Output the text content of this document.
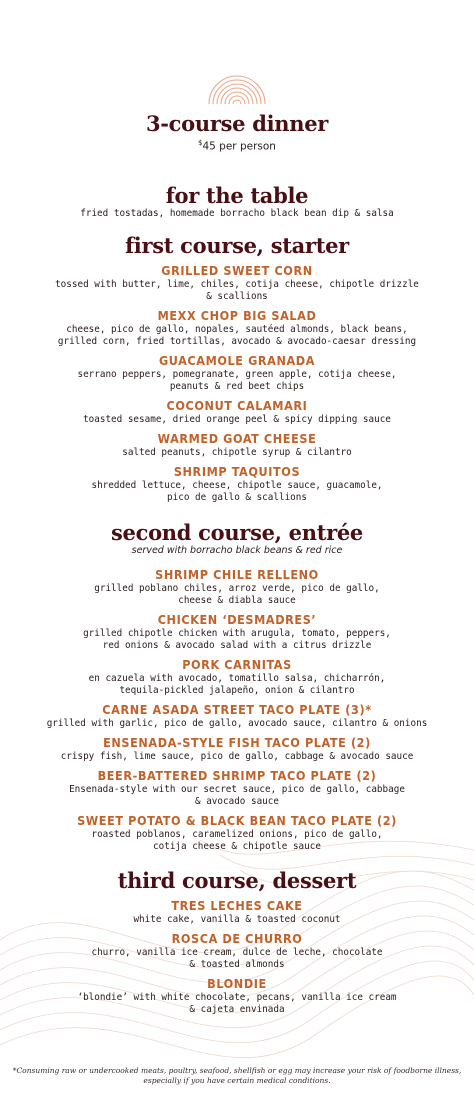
3-course dinner
$45 per person
for the table
fried tostadas, homemade borracho black bean dip & salsa
first course, starter
GRILLED SWEET CORN
tossed with butter, lime, chiles, cotija cheese, chipotle drizzle
& scallions
MEXX CHOP BIG SALAD
cheese, pico de gallo, nopales, sautéed almonds, black beans,
grilled corn, fried tortillas, avocado & avocado-caesar dressing
GUACAMOLE GRANADA
serrano peppers, pomegranate, green apple, cotija cheese,
peanuts & red beet chips
COCONUT CALAMARI
toasted sesame, dried orange peel & spicy dipping sauce
WARMED GOAT CHEESE
salted peanuts, chipotle syrup & cilantro
SHRIMP TAQUITOS
shredded lettuce, cheese, chipotle sauce, guacamole,
pico de gallo & scallions
second course, entrée
served with borracho black beans & red rice
SHRIMP CHILE RELLENO
grilled poblano chiles, arroz verde, pico de gallo,
cheese & diabla sauce
CHICKEN ‘DESMADRES’
grilled chipotle chicken with arugula, tomato, peppers,
red onions & avocado salad with a citrus drizzle
PORK CARNITAS
en cazuela with avocado, tomatillo salsa, chicharrón,
tequila-pickled jalapeño, onion & cilantro
CARNE ASADA STREET TACO PLATE (3)*
grilled with garlic, pico de gallo, avocado sauce, cilantro & onions
ENSENADA-STYLE FISH TACO PLATE (2)
crispy fish, lime sauce, pico de gallo, cabbage & avocado sauce
BEER-BATTERED SHRIMP TACO PLATE (2)
Ensenada-style with our secret sauce, pico de gallo, cabbage
& avocado sauce
SWEET POTATO & BLACK BEAN TACO PLATE (2)
roasted poblanos, caramelized onions, pico de gallo,
cotija cheese & chipotle sauce
third course, dessert
TRES LECHES CAKE
white cake, vanilla & toasted coconut
ROSCA DE CHURRO
churro, vanilla ice cream, dulce de leche, chocolate
& toasted almonds
BLONDIE
‘blondie’ with white chocolate, pecans, vanilla ice cream
& cajeta envinada
*Consuming raw or undercooked meats, poultry, seafood, shellfish or egg may increase your risk of foodborne illness,
especially if you have certain medical conditions.
